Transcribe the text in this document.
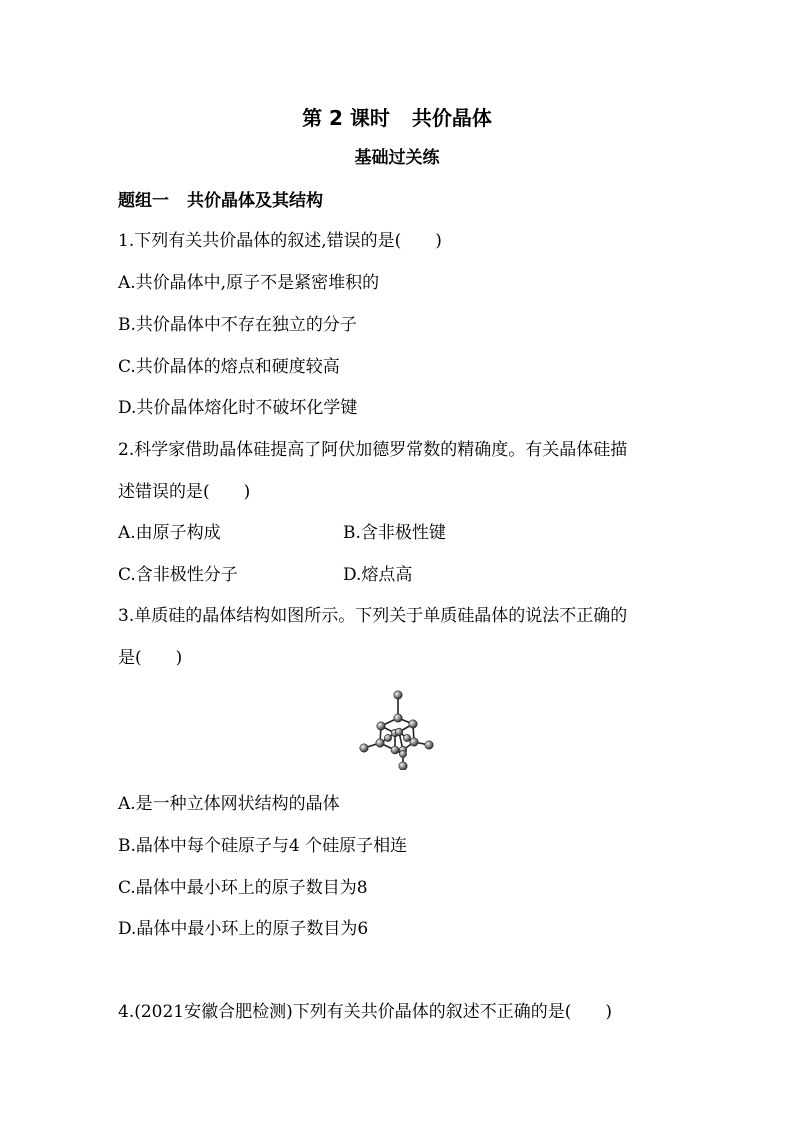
第 2 课时 共价晶体
基础过关练
题组一 共价晶体及其结构
1.下列有关共价晶体的叙述,错误的是(　　)
A.共价晶体中,原子不是紧密堆积的
B.共价晶体中不存在独立的分子
C.共价晶体的熔点和硬度较高
D.共价晶体熔化时不破坏化学键
2.科学家借助晶体硅提高了阿伏加德罗常数的精确度。有关晶体硅描
述错误的是(　　)
A.由原子构成	B.含非极性键
C.含非极性分子	D.熔点高
3.单质硅的晶体结构如图所示。下列关于单质硅晶体的说法不正确的
是(　　)
A.是一种立体网状结构的晶体
B.晶体中每个硅原子与4 个硅原子相连
C.晶体中最小环上的原子数目为8
D.晶体中最小环上的原子数目为6
4.(2021安徽合肥检测)下列有关共价晶体的叙述不正确的是(　　)
